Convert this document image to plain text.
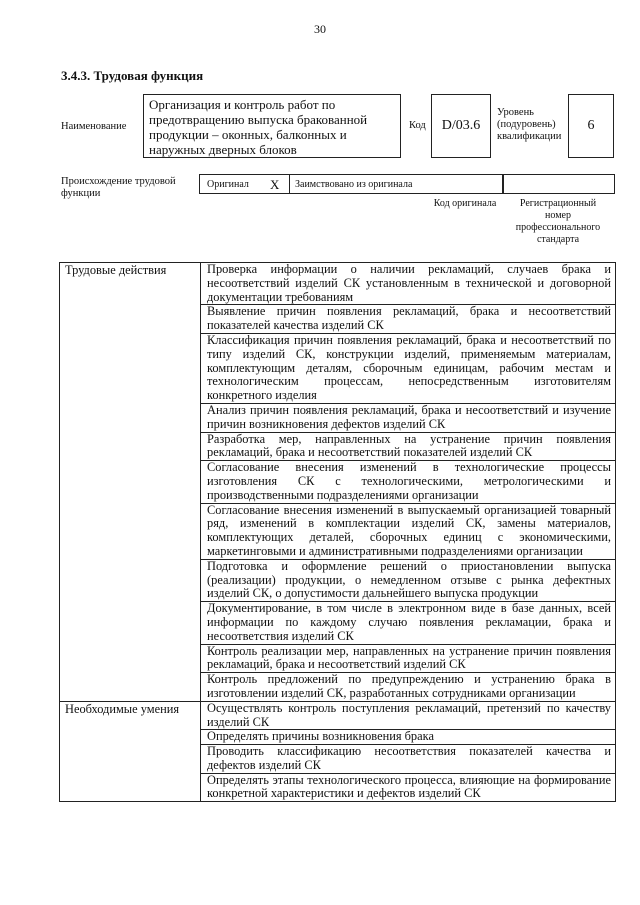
30
3.4.3. Трудовая функция
Наименование
Организация и контроль работ по предотвращению выпуска бракованной продукции – оконных, балконных и наружных дверных блоков
Код	D/03.6
Уровень (подуровень) квалификации
6
Происхождение трудовой функции
Оригинал X Заимствовано из оригинала
Код оригинала	Регистрационный номер профессионального стандарта
Трудовые действия	Проверка информации о наличии рекламаций, случаев брака и несоответствий изделий СК установленным в технической и договорной документации требованиям
	Выявление причин появления рекламаций, брака и несоответствий показателей качества изделий СК
	Классификация причин появления рекламаций, брака и несоответствий по типу изделий СК, конструкции изделий, применяемым материалам, комплектующим деталям, сборочным единицам, рабочим местам и технологическим процессам, непосредственным изготовителям конкретного изделия
	Анализ причин появления рекламаций, брака и несоответствий и изучение причин возникновения дефектов изделий СК
	Разработка мер, направленных на устранение причин появления рекламаций, брака и несоответствий показателей изделий СК
	Согласование внесения изменений в технологические процессы изготовления СК с технологическими, метрологическими и производственными подразделениями организации
	Согласование внесения изменений в выпускаемый организацией товарный ряд, изменений в комплектации изделий СК, замены материалов, комплектующих деталей, сборочных единиц с экономическими, маркетинговыми и административными подразделениями организации
	Подготовка и оформление решений о приостановлении выпуска (реализации) продукции, о немедленном отзыве с рынка дефектных изделий СК, о допустимости дальнейшего выпуска продукции
	Документирование, в том числе в электронном виде в базе данных, всей информации по каждому случаю появления рекламации, брака и несоответствия изделий СК
	Контроль реализации мер, направленных на устранение причин появления рекламаций, брака и несоответствий изделий СК
	Контроль предложений по предупреждению и устранению брака в изготовлении изделий СК, разработанных сотрудниками организации
Необходимые умения	Осуществлять контроль поступления рекламаций, претензий по качеству изделий СК
	Определять причины возникновения брака
	Проводить классификацию несоответствия показателей качества и дефектов изделий СК
	Определять этапы технологического процесса, влияющие на формирование конкретной характеристики и дефектов изделий СК
